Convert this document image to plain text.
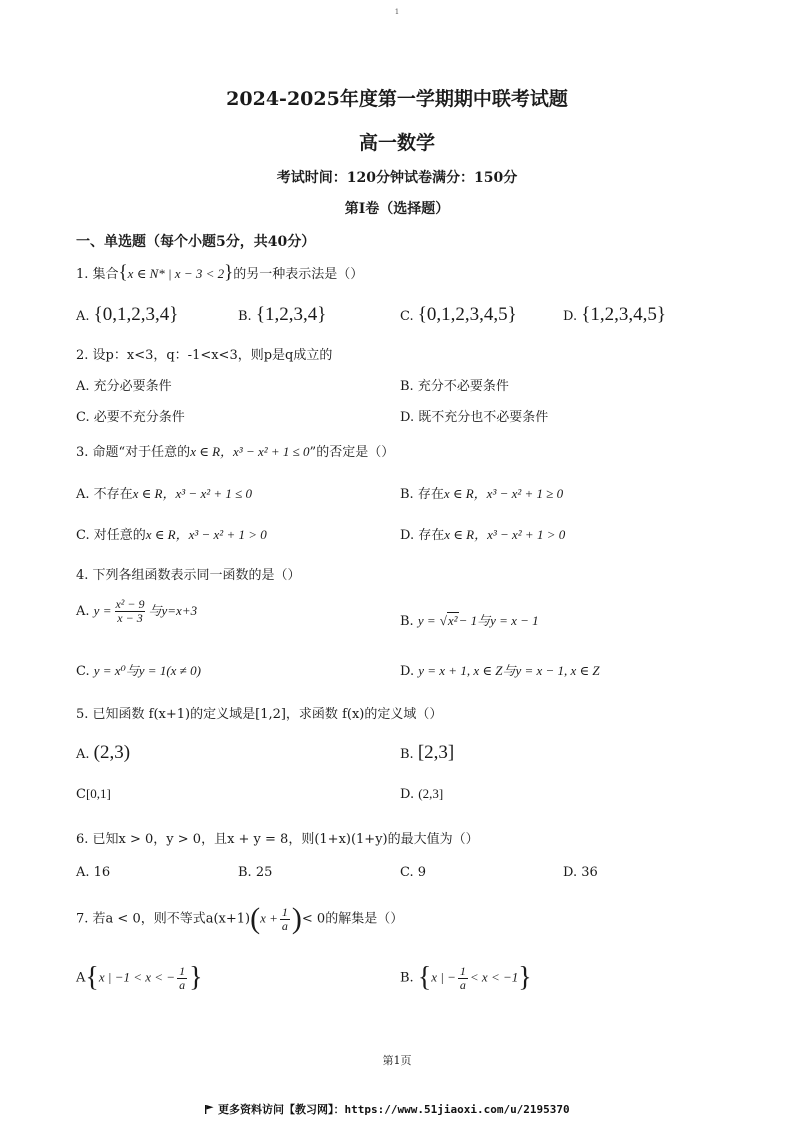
1
2024-2025年度第一学期期中联考试题
高一数学
考试时间：120分钟试卷满分：150分
第Ⅰ卷（选择题）
一、单选题（每个小题5分，共40分）
1. 集合{x ∈ N* | x − 3 < 2}的另一种表示法是（）
A. {0,1,2,3,4}	B. {1,2,3,4}	C. {0,1,2,3,4,5}	D. {1,2,3,4,5}
2. 设p：x<3，q：-1<x<3，则p是q成立的
A. 充分必要条件	B. 充分不必要条件
C. 必要不充分条件	D. 既不充分也不必要条件
3. 命题“对于任意的x ∈ R，x³ − x² + 1 ≤ 0”的否定是（）
A. 不存在x ∈ R，x³ − x² + 1 ≤ 0	B. 存在x ∈ R，x³ − x² + 1 ≥ 0
C. 对任意的x ∈ R，x³ − x² + 1 > 0	D. 存在x ∈ R，x³ − x² + 1 > 0
4. 下列各组函数表示同一函数的是（）
A. $y = \frac{\text{x² − 9}}{x - 3}$ 与y=x+3
B. y = √x²− 1与y = x − 1
C. y = x⁰与y = 1(x ≠ 0)	D. y = x + 1, x ∈ Z与y = x − 1, x ∈ Z
5. 已知函数 f(x+1)的定义域是[1,2]，求函数 f(x)的定义域（）
A. (2,3)	B. [2,3]
C[0,1]	D. (2,3]
6. 已知x > 0，y > 0，且x + y = 8，则(1+x)(1+y)的最大值为（）
A. 16	B. 25	C. 9	D. 36
7. 若a < 0，则不等式$a(x+1)(x + \frac{1}{a}$ )< 0的解集是（）
A{x | −1 < x < − $\frac{1}{a}$ }	B. {x | − $\frac{1}{a} < x < -1$}
第1页
更多资料访问【教习网】：https://www.51jiaoxi.com/u/2195370
